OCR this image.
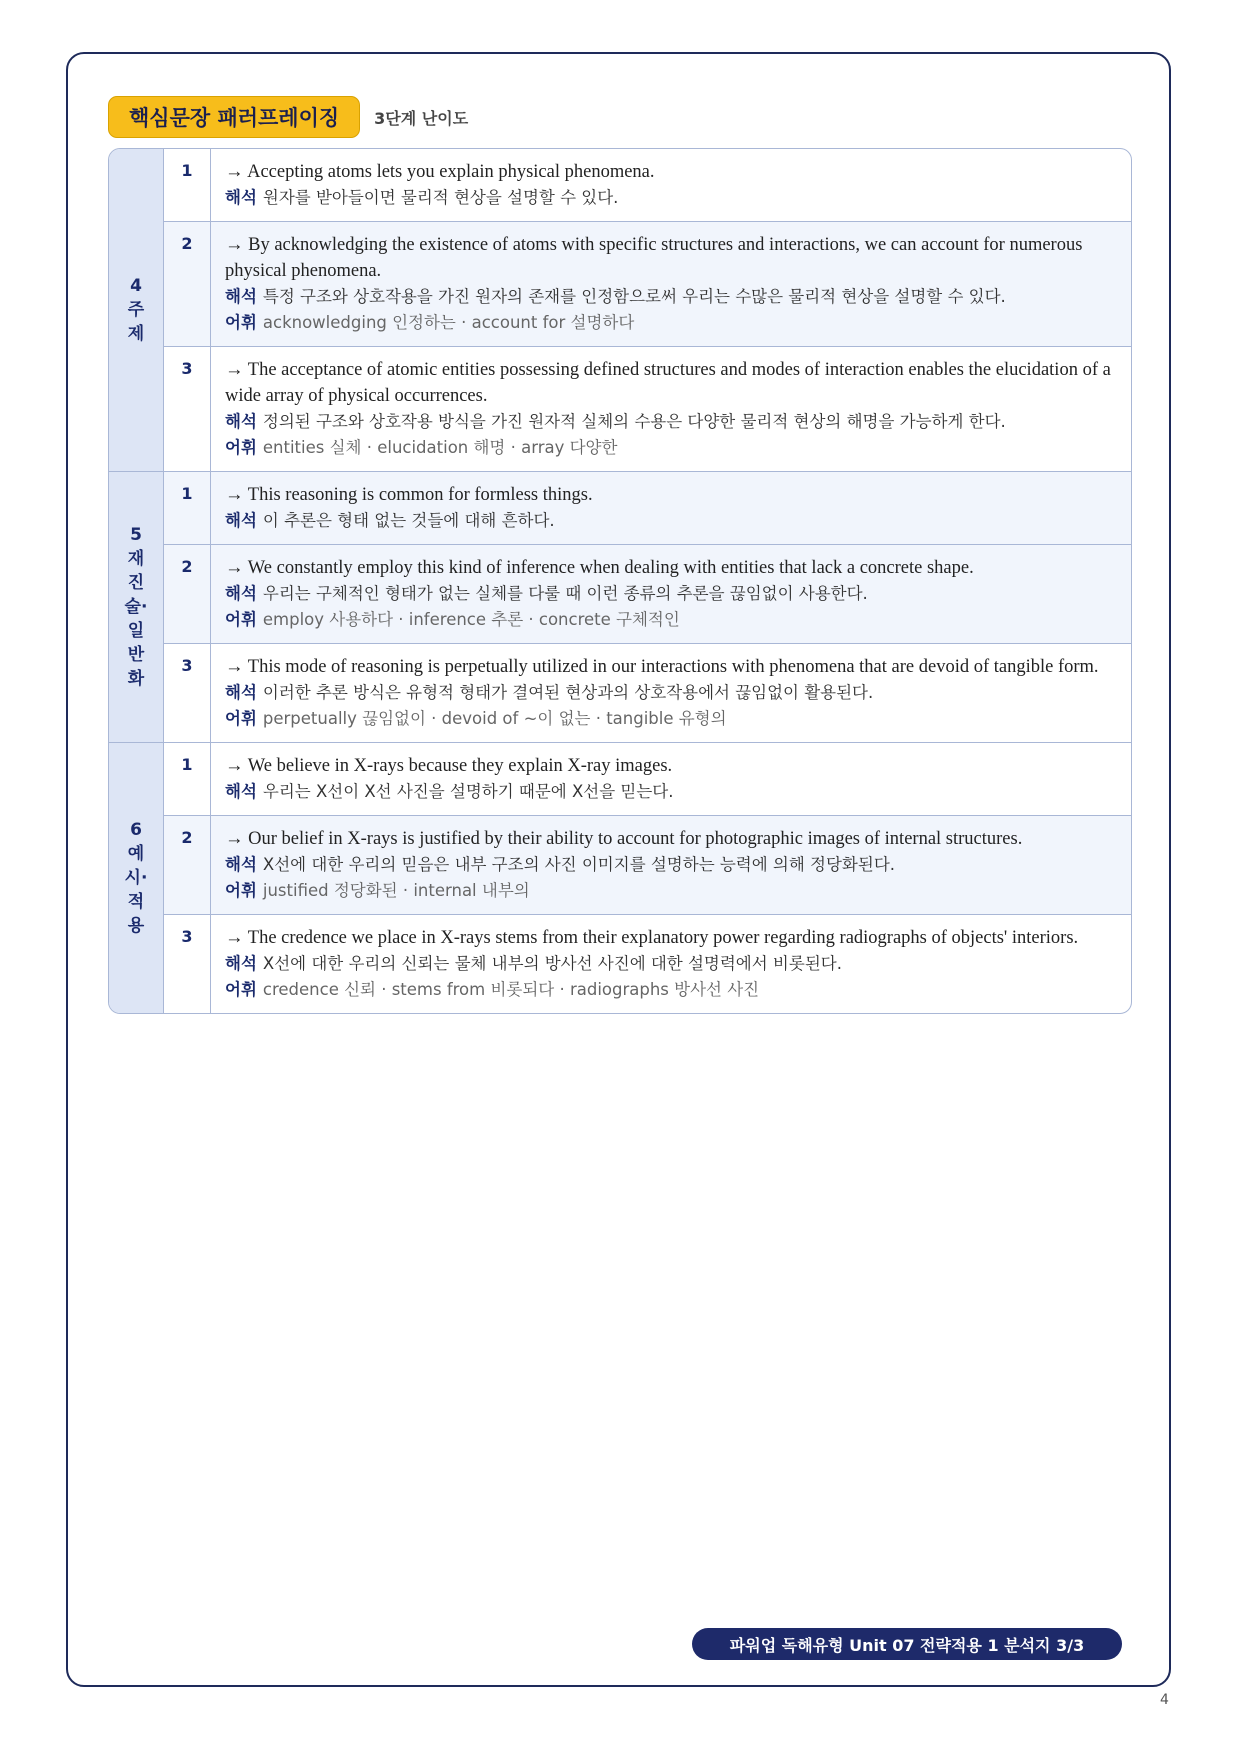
핵심문장 패러프레이징	3단계 난이도
4
주
제
1	→ Accepting atoms lets you explain physical phenomena.
해석 원자를 받아들이면 물리적 현상을 설명할 수 있다.
2	→ By acknowledging the existence of atoms with specific structures and interactions, we can account for numerous physical phenomena.
해석 특정 구조와 상호작용을 가진 원자의 존재를 인정함으로써 우리는 수많은 물리적 현상을 설명할 수 있다.
어휘 acknowledging 인정하는 · account for 설명하다
3	→ The acceptance of atomic entities possessing defined structures and modes of interaction enables the elucidation of a wide array of physical occurrences.
해석 정의된 구조와 상호작용 방식을 가진 원자적 실체의 수용은 다양한 물리적 현상의 해명을 가능하게 한다.
어휘 entities 실체 · elucidation 해명 · array 다양한
5
재
진
술·
일
반
화
1	→ This reasoning is common for formless things.
해석 이 추론은 형태 없는 것들에 대해 흔하다.
2	→ We constantly employ this kind of inference when dealing with entities that lack a concrete shape.
해석 우리는 구체적인 형태가 없는 실체를 다룰 때 이런 종류의 추론을 끊임없이 사용한다.
어휘 employ 사용하다 · inference 추론 · concrete 구체적인
3	→ This mode of reasoning is perpetually utilized in our interactions with phenomena that are devoid of tangible form.
해석 이러한 추론 방식은 유형적 형태가 결여된 현상과의 상호작용에서 끊임없이 활용된다.
어휘 perpetually 끊임없이 · devoid of ~이 없는 · tangible 유형의
6
예
시·
적
용
1	→ We believe in X-rays because they explain X-ray images.
해석 우리는 X선이 X선 사진을 설명하기 때문에 X선을 믿는다.
2	→ Our belief in X-rays is justified by their ability to account for photographic images of internal structures.
해석 X선에 대한 우리의 믿음은 내부 구조의 사진 이미지를 설명하는 능력에 의해 정당화된다.
어휘 justified 정당화된 · internal 내부의
3	→ The credence we place in X-rays stems from their explanatory power regarding radiographs of objects' interiors.
해석 X선에 대한 우리의 신뢰는 물체 내부의 방사선 사진에 대한 설명력에서 비롯된다.
어휘 credence 신뢰 · stems from 비롯되다 · radiographs 방사선 사진
파워업 독해유형 Unit 07 전략적용 1 분석지 3/3
4
